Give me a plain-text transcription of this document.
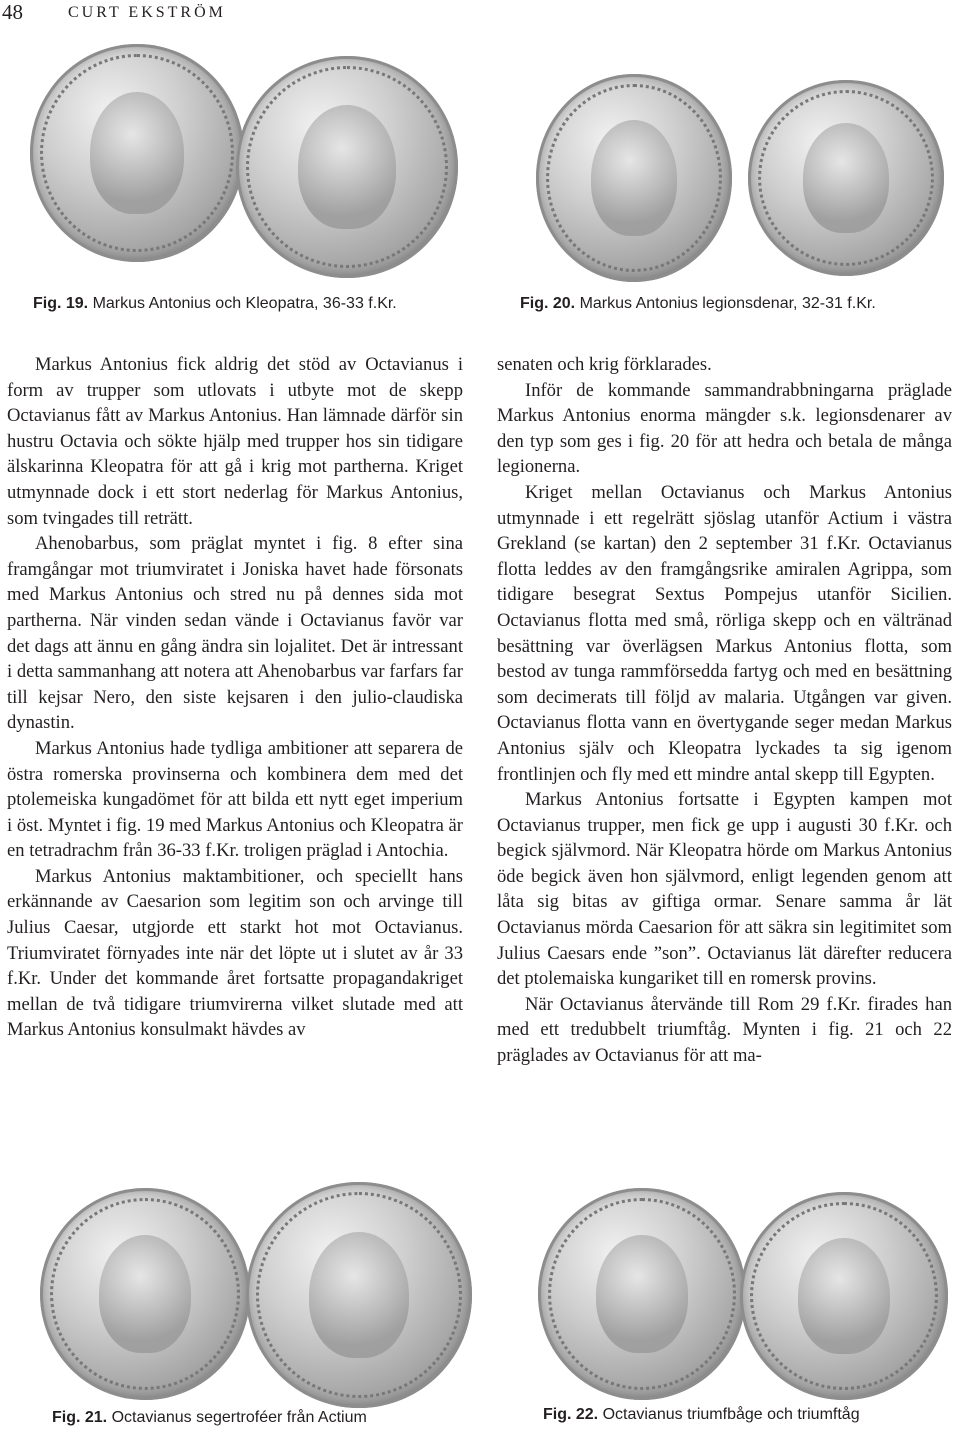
48	CURT EKSTRÖM
Fig. 19. Markus Antonius och Kleopatra, 36-33 f.Kr.	Fig. 20. Markus Antonius legionsdenar, 32-31 f.Kr.

Markus Antonius fick aldrig det stöd av Octavianus i form av trupper som utlovats i utbyte mot de skepp Octavianus fått av Markus Antonius. Han lämnade därför sin hustru Octavia och sökte hjälp med trupper hos sin tidigare älskarinna Kleopatra för att gå i krig mot partherna. Kriget utmynnade dock i ett stort nederlag för Markus Antonius, som tvingades till reträtt.

Ahenobarbus, som präglat myntet i fig. 8 efter sina framgångar mot triumviratet i Joniska havet hade försonats med Markus Antonius och stred nu på dennes sida mot partherna. När vinden sedan vände i Octavianus favör var det dags att ännu en gång ändra sin lojalitet. Det är intressant i detta sammanhang att notera att Ahenobarbus var farfars far till kejsar Nero, den siste kejsaren i den julio-claudiska dynastin.

Markus Antonius hade tydliga ambitioner att separera de östra romerska provinserna och kombinera dem med det ptolemeiska kungadömet för att bilda ett nytt eget imperium i öst. Myntet i fig. 19 med Markus Antonius och Kleopatra är en tetradrachm från 36-33 f.Kr. troligen präglad i Antochia.

Markus Antonius maktambitioner, och speciellt hans erkännande av Caesarion som legitim son och arvinge till Julius Caesar, utgjorde ett starkt hot mot Octavianus. Triumviratet förnyades inte när det löpte ut i slutet av år 33 f.Kr. Under det kommande året fortsatte propagandakriget mellan de två tidigare triumvirerna vilket slutade med att Markus Antonius konsulmakt hävdes av

senaten och krig förklarades.

Inför de kommande sammandrabbningarna präglade Markus Antonius enorma mängder s.k. legionsdenarer av den typ som ges i fig. 20 för att hedra och betala de många legionerna.

Kriget mellan Octavianus och Markus Antonius utmynnade i ett regelrätt sjöslag utanför Actium i västra Grekland (se kartan) den 2 september 31 f.Kr. Octavianus flotta leddes av den framgångsrike amiralen Agrippa, som tidigare besegrat Sextus Pompejus utanför Sicilien. Octavianus flotta med små, rörliga skepp och en vältränad besättning var överlägsen Markus Antonius flotta, som bestod av tunga rammförsedda fartyg och med en besättning som decimerats till följd av malaria. Utgången var given. Octavianus flotta vann en övertygande seger medan Markus Antonius själv och Kleopatra lyckades ta sig igenom frontlinjen och fly med ett mindre antal skepp till Egypten.

Markus Antonius fortsatte i Egypten kampen mot Octavianus trupper, men fick ge upp i augusti 30 f.Kr. och begick självmord. När Kleopatra hörde om Markus Antonius öde begick även hon självmord, enligt legenden genom att låta sig bitas av giftiga ormar. Senare samma år lät Octavianus mörda Caesarion för att säkra sin legitimitet som Julius Caesars ende ”son”. Octavianus lät därefter reducera det ptolemaiska kungariket till en romersk provins.

När Octavianus återvände till Rom 29 f.Kr. firades han med ett tredubbelt triumftåg. Mynten i fig. 21 och 22 präglades av Octavianus för att ma-

Fig. 21. Octavianus segertroféer från Actium	Fig. 22. Octavianus triumfbåge och triumftåg
